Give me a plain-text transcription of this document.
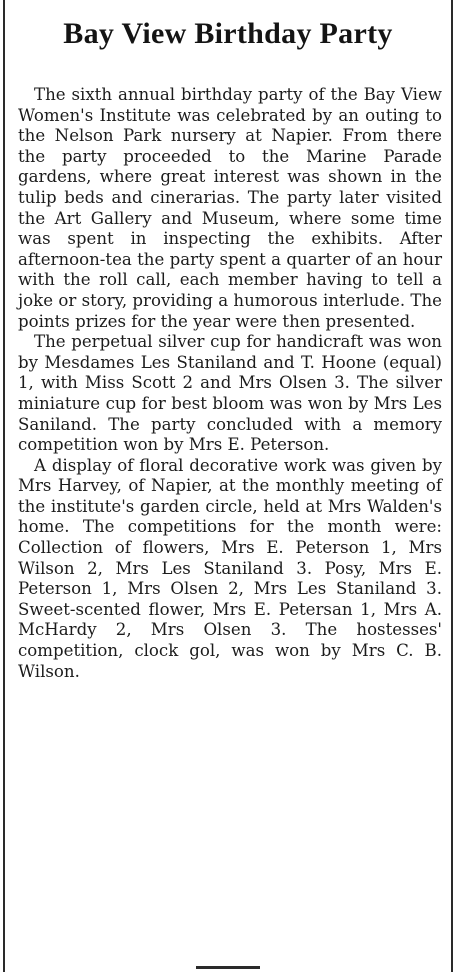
Bay View Birthday Party

The sixth annual birthday party of the Bay View Women's Institute was celebrated by an outing to the Nelson Park nursery at Napier. From there the party proceeded to the Marine Parade gardens, where great interest was shown in the tulip beds and cinerarias. The party later visited the Art Gallery and Museum, where some time was spent in inspecting the exhibits. After afternoon-tea the party spent a quarter of an hour with the roll call, each member having to tell a joke or story, providing a humorous interlude. The points prizes for the year were then presented.

The perpetual silver cup for handicraft was won by Mesdames Les Staniland and T. Hoone (equal) 1, with Miss Scott 2 and Mrs Olsen 3. The silver miniature cup for best bloom was won by Mrs Les Saniland. The party concluded with a memory competition won by Mrs E. Peterson.

A display of floral decorative work was given by Mrs Harvey, of Napier, at the monthly meeting of the institute's garden circle, held at Mrs Walden's home. The competitions for the month were: Collection of flowers, Mrs E. Peterson 1, Mrs Wilson 2, Mrs Les Staniland 3. Posy, Mrs E. Peterson 1, Mrs Olsen 2, Mrs Les Staniland 3. Sweet-scented flower, Mrs E. Petersan 1, Mrs A. McHardy 2, Mrs Olsen 3. The hostesses' competition, clock gol, was won by Mrs C. B. Wilson.
